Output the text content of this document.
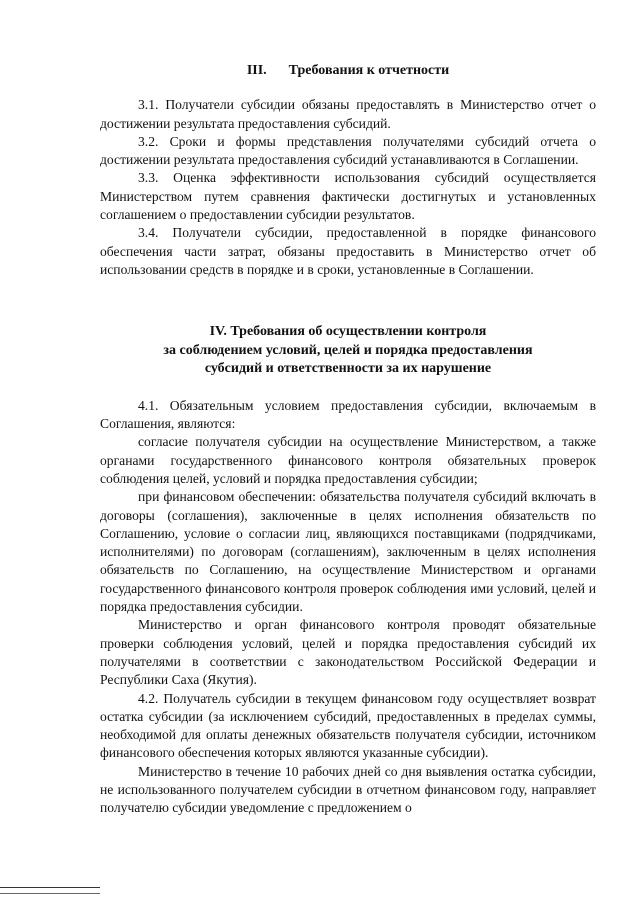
III. Требования к отчетности

3.1. Получатели субсидии обязаны предоставлять в Министерство отчет о достижении результата предоставления субсидий.

3.2. Сроки и формы представления получателями субсидий отчета о достижении результата предоставления субсидий устанавливаются в Соглашении.

3.3. Оценка эффективности использования субсидий осуществляется Министерством путем сравнения фактически достигнутых и установленных соглашением о предоставлении субсидии результатов.

3.4. Получатели субсидии, предоставленной в порядке финансового обеспечения части затрат, обязаны предоставить в Министерство отчет об использовании средств в порядке и в сроки, установленные в Соглашении.

IV. Требования об осуществлении контроля
за соблюдением условий, целей и порядка предоставления
субсидий и ответственности за их нарушение

4.1. Обязательным условием предоставления субсидии, включаемым в Соглашения, являются:

согласие получателя субсидии на осуществление Министерством, а также органами государственного финансового контроля обязательных проверок соблюдения целей, условий и порядка предоставления субсидии;

при финансовом обеспечении: обязательства получателя субсидий включать в договоры (соглашения), заключенные в целях исполнения обязательств по Соглашению, условие о согласии лиц, являющихся поставщиками (подрядчиками, исполнителями) по договорам (соглашениям), заключенным в целях исполнения обязательств по Соглашению, на осуществление Министерством и органами государственного финансового контроля проверок соблюдения ими условий, целей и порядка предоставления субсидии.

Министерство и орган финансового контроля проводят обязательные проверки соблюдения условий, целей и порядка предоставления субсидий их получателями в соответствии с законодательством Российской Федерации и Республики Саха (Якутия).

4.2. Получатель субсидии в текущем финансовом году осуществляет возврат остатка субсидии (за исключением субсидий, предоставленных в пределах суммы, необходимой для оплаты денежных обязательств получателя субсидии, источником финансового обеспечения которых являются указанные субсидии).

Министерство в течение 10 рабочих дней со дня выявления остатка субсидии, не использованного получателем субсидии в отчетном финансовом году, направляет получателю субсидии уведомление с предложением о
